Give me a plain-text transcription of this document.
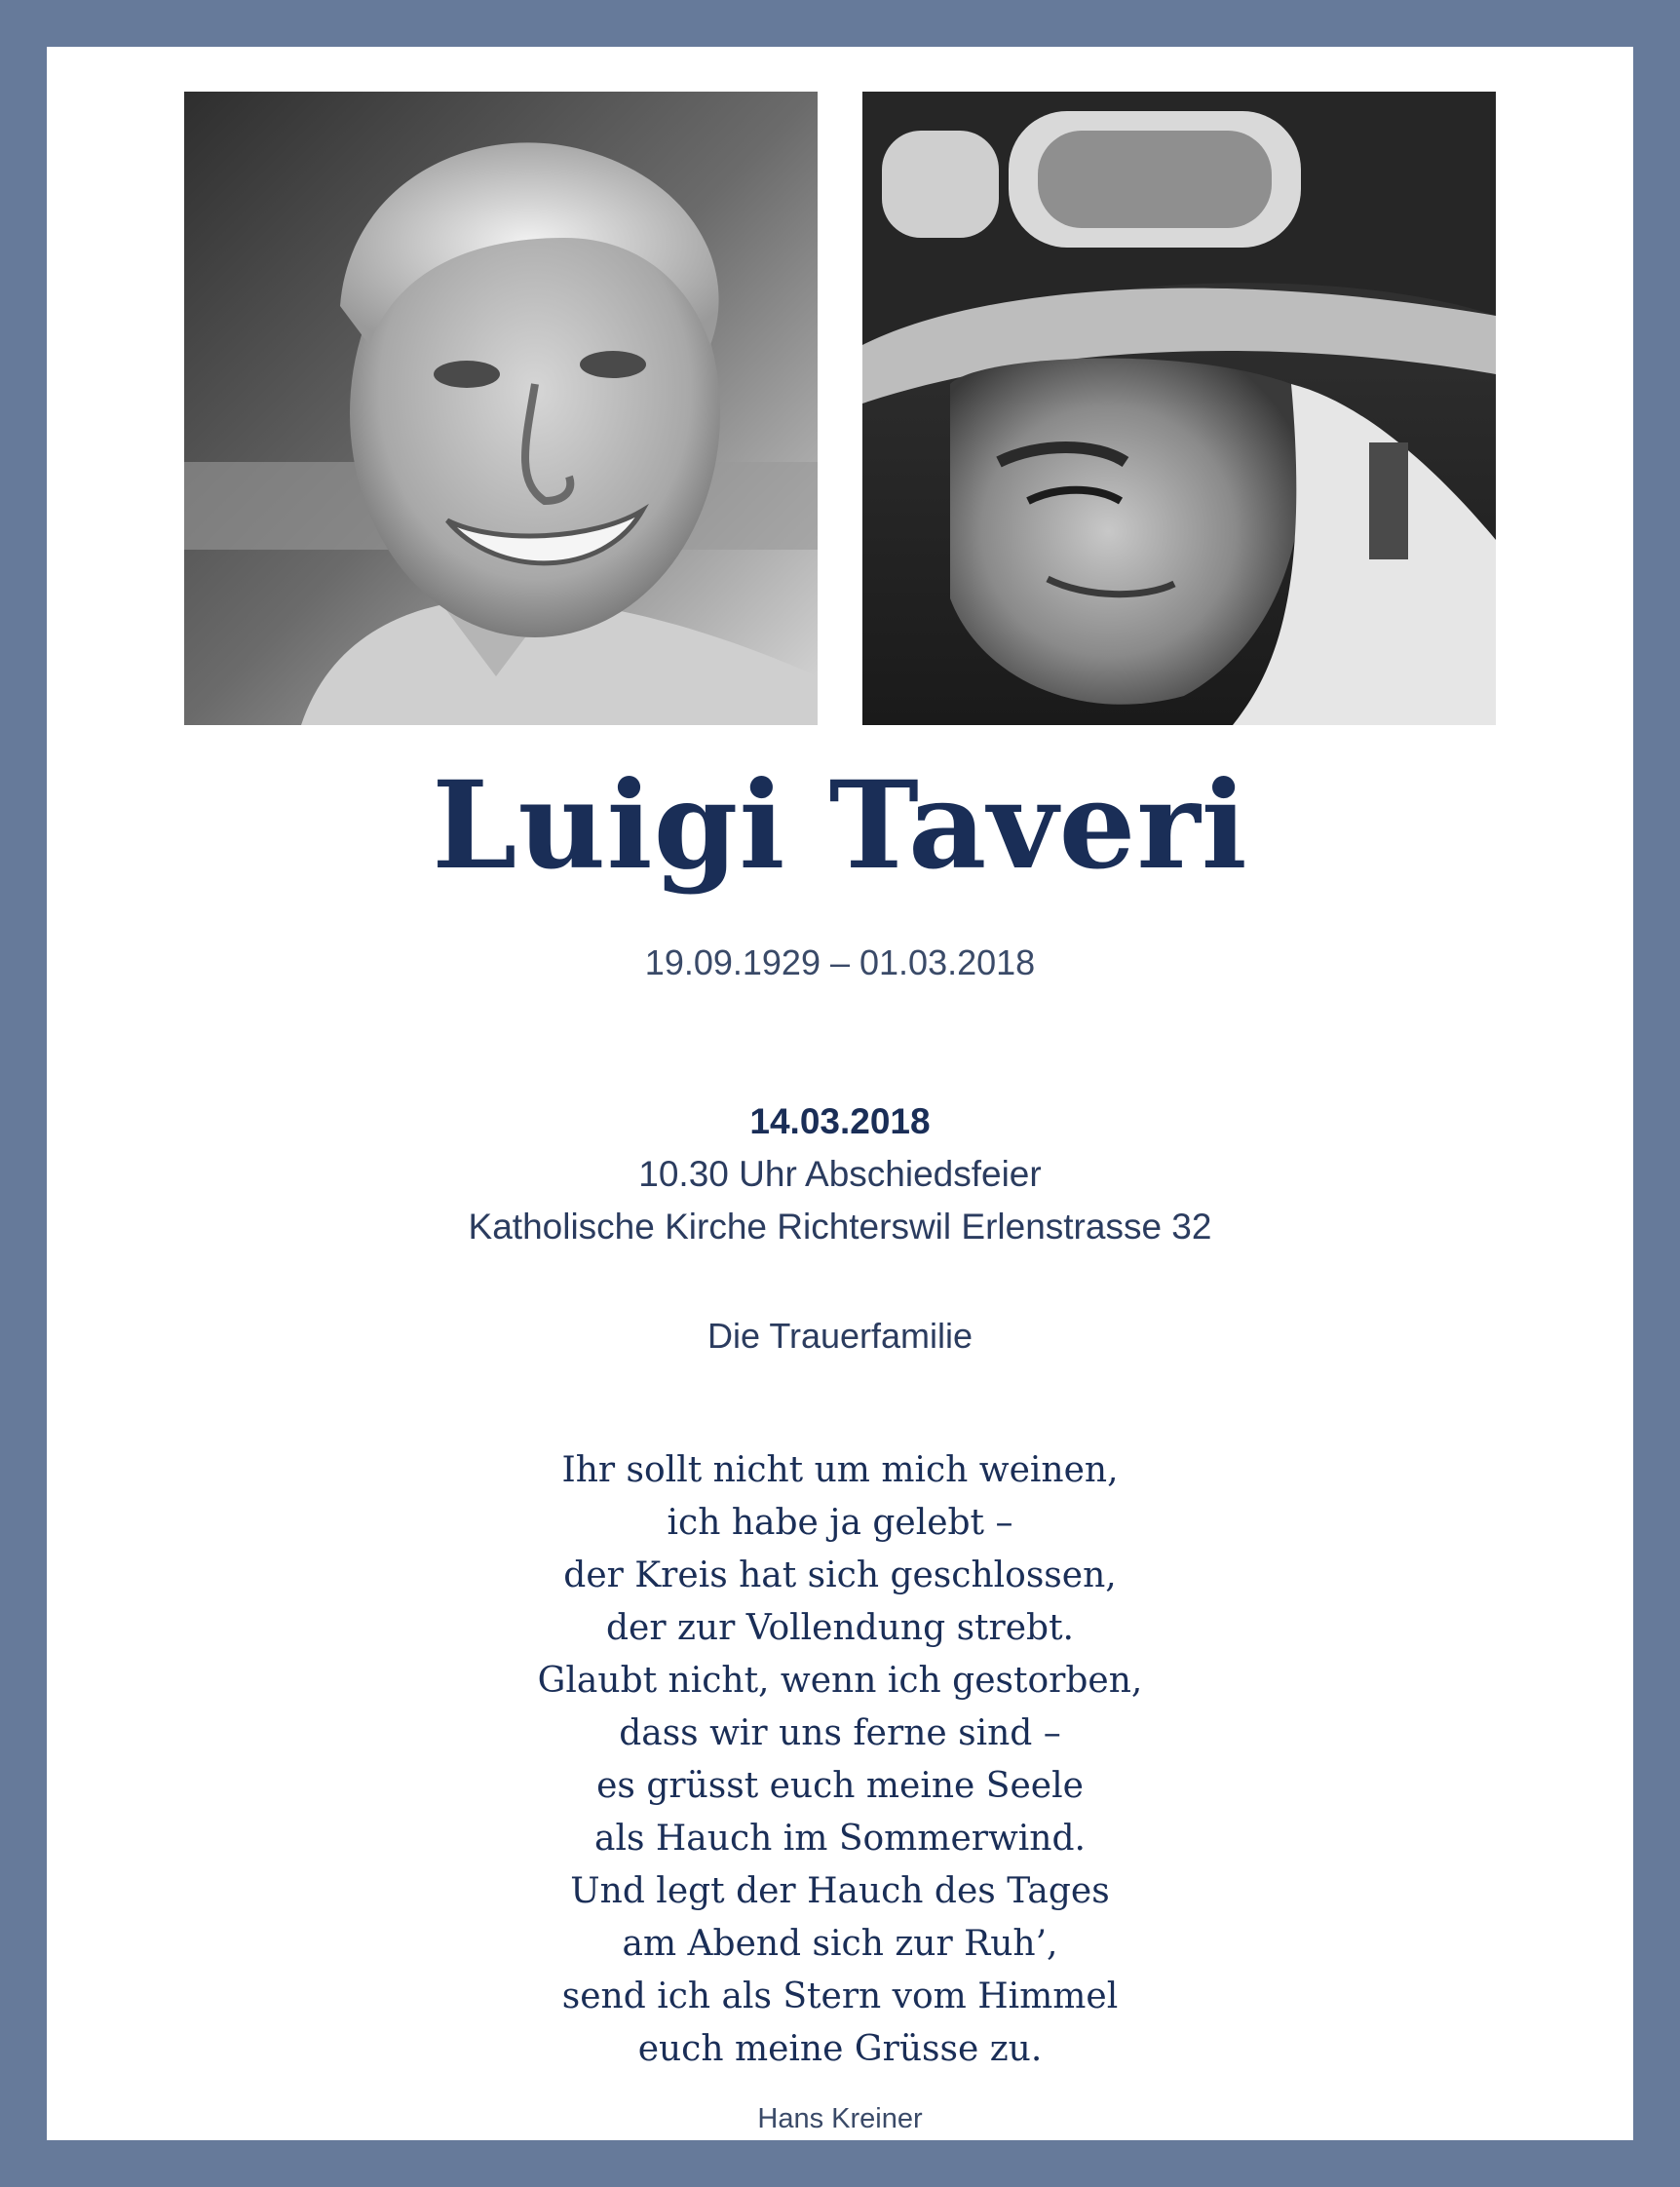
Luigi Taveri
19.09.1929 – 01.03.2018
14.03.2018
10.30 Uhr Abschiedsfeier
Katholische Kirche Richterswil Erlenstrasse 32
Die Trauerfamilie
Ihr sollt nicht um mich weinen,
ich habe ja gelebt –
der Kreis hat sich geschlossen,
der zur Vollendung strebt.
Glaubt nicht, wenn ich gestorben,
dass wir uns ferne sind –
es grüsst euch meine Seele
als Hauch im Sommerwind.
Und legt der Hauch des Tages
am Abend sich zur Ruh’,
send ich als Stern vom Himmel
euch meine Grüsse zu.
Hans Kreiner
